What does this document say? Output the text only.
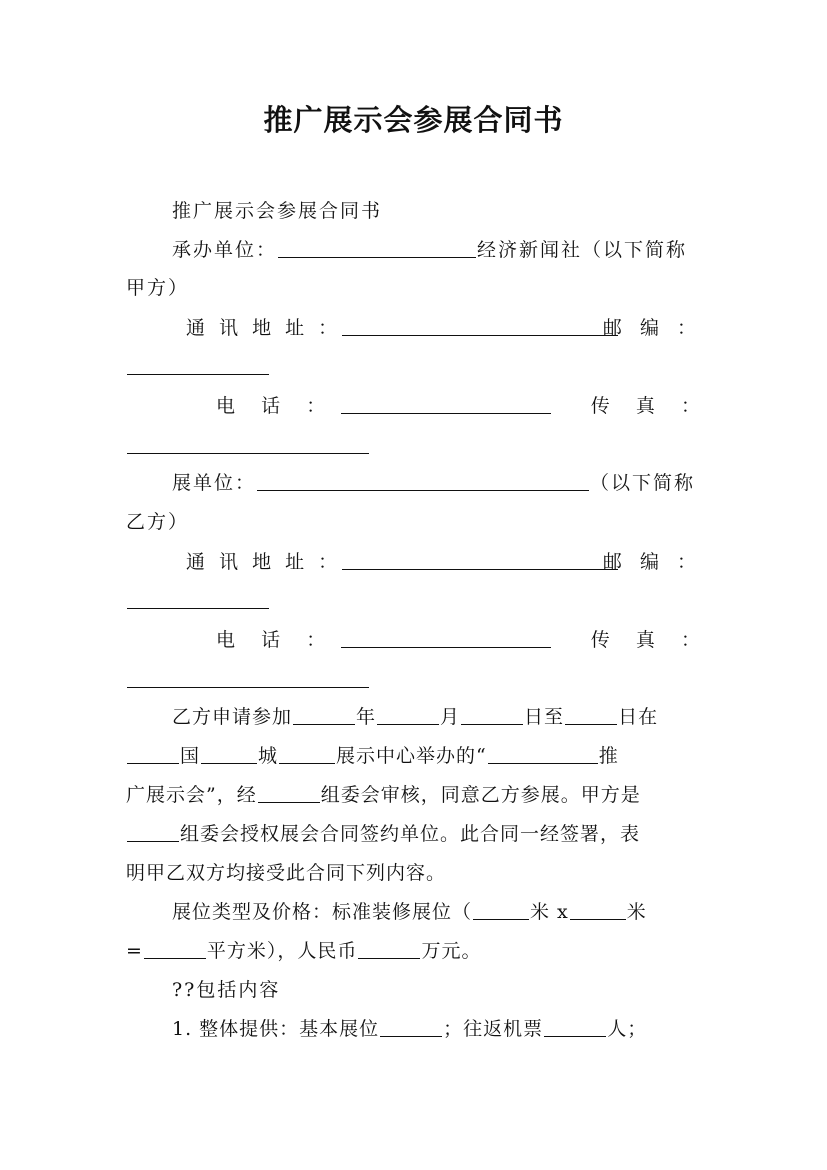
推广展示会参展合同书
推广展示会参展合同书
承办单位：	经济新闻社（以下简称
甲方）
通 讯 地 址 ：	邮 编 ：
电   话   ：	传   真   ：
展单位：	（以下简称
乙方）
通 讯 地 址 ：	邮 编 ：
电   话   ：	传   真   ：
乙方申请参加	年	月	日至	日在
国	城	展示中心举办的“	推
广展示会”，经	组委会审核，同意乙方参展。甲方是
组委会授权展会合同签约单位。此合同一经签署，表
明甲乙双方均接受此合同下列内容。
展位类型及价格：标准装修展位（	米 x	米
=	平方米），人民币	万元。
??包括内容
1. 整体提供：基本展位	；往返机票	人；
